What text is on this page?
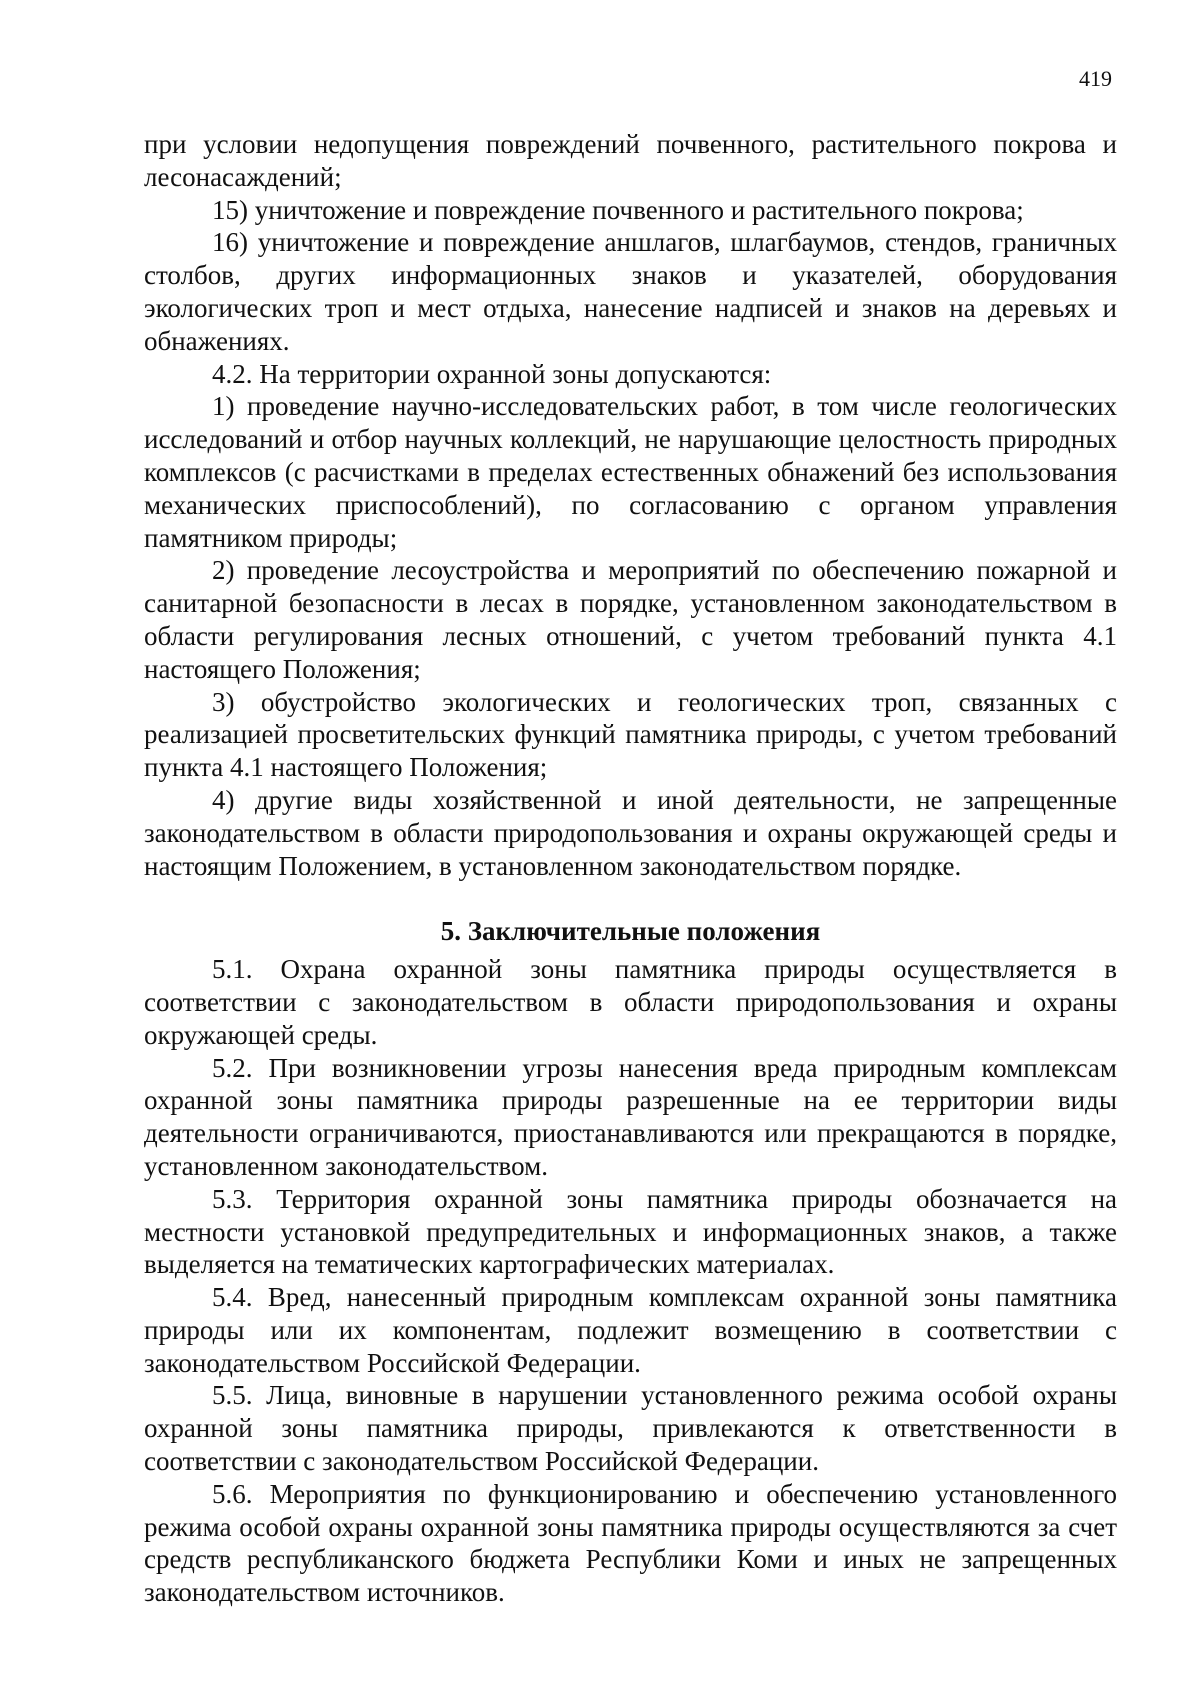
419

при условии недопущения повреждений почвенного, растительного покрова и лесонасаждений;

15) уничтожение и повреждение почвенного и растительного покрова;

16) уничтожение и повреждение аншлагов, шлагбаумов, стендов, граничных столбов, других информационных знаков и указателей, оборудования экологических троп и мест отдыха, нанесение надписей и знаков на деревьях и обнажениях.

4.2. На территории охранной зоны допускаются:

1) проведение научно-исследовательских работ, в том числе геологических исследований и отбор научных коллекций, не нарушающие целостность природных комплексов (с расчистками в пределах естественных обнажений без использования механических приспособлений), по согласованию с органом управления памятником природы;

2) проведение лесоустройства и мероприятий по обеспечению пожарной и санитарной безопасности в лесах в порядке, установленном законодательством в области регулирования лесных отношений, с учетом требований пункта 4.1 настоящего Положения;

3) обустройство экологических и геологических троп, связанных с реализацией просветительских функций памятника природы, с учетом требований пункта 4.1 настоящего Положения;

4) другие виды хозяйственной и иной деятельности, не запрещенные законодательством в области природопользования и охраны окружающей среды и настоящим Положением, в установленном законодательством порядке.

5. Заключительные положения

5.1. Охрана охранной зоны памятника природы осуществляется в соответствии с законодательством в области природопользования и охраны окружающей среды.

5.2. При возникновении угрозы нанесения вреда природным комплексам охранной зоны памятника природы разрешенные на ее территории виды деятельности ограничиваются, приостанавливаются или прекращаются в порядке, установленном законодательством.

5.3. Территория охранной зоны памятника природы обозначается на местности установкой предупредительных и информационных знаков, а также выделяется на тематических картографических материалах.

5.4. Вред, нанесенный природным комплексам охранной зоны памятника природы или их компонентам, подлежит возмещению в соответствии с законодательством Российской Федерации.

5.5. Лица, виновные в нарушении установленного режима особой охраны охранной зоны памятника природы, привлекаются к ответственности в соответствии с законодательством Российской Федерации.

5.6. Мероприятия по функционированию и обеспечению установленного режима особой охраны охранной зоны памятника природы осуществляются за счет средств республиканского бюджета Республики Коми и иных не запрещенных законодательством источников.
